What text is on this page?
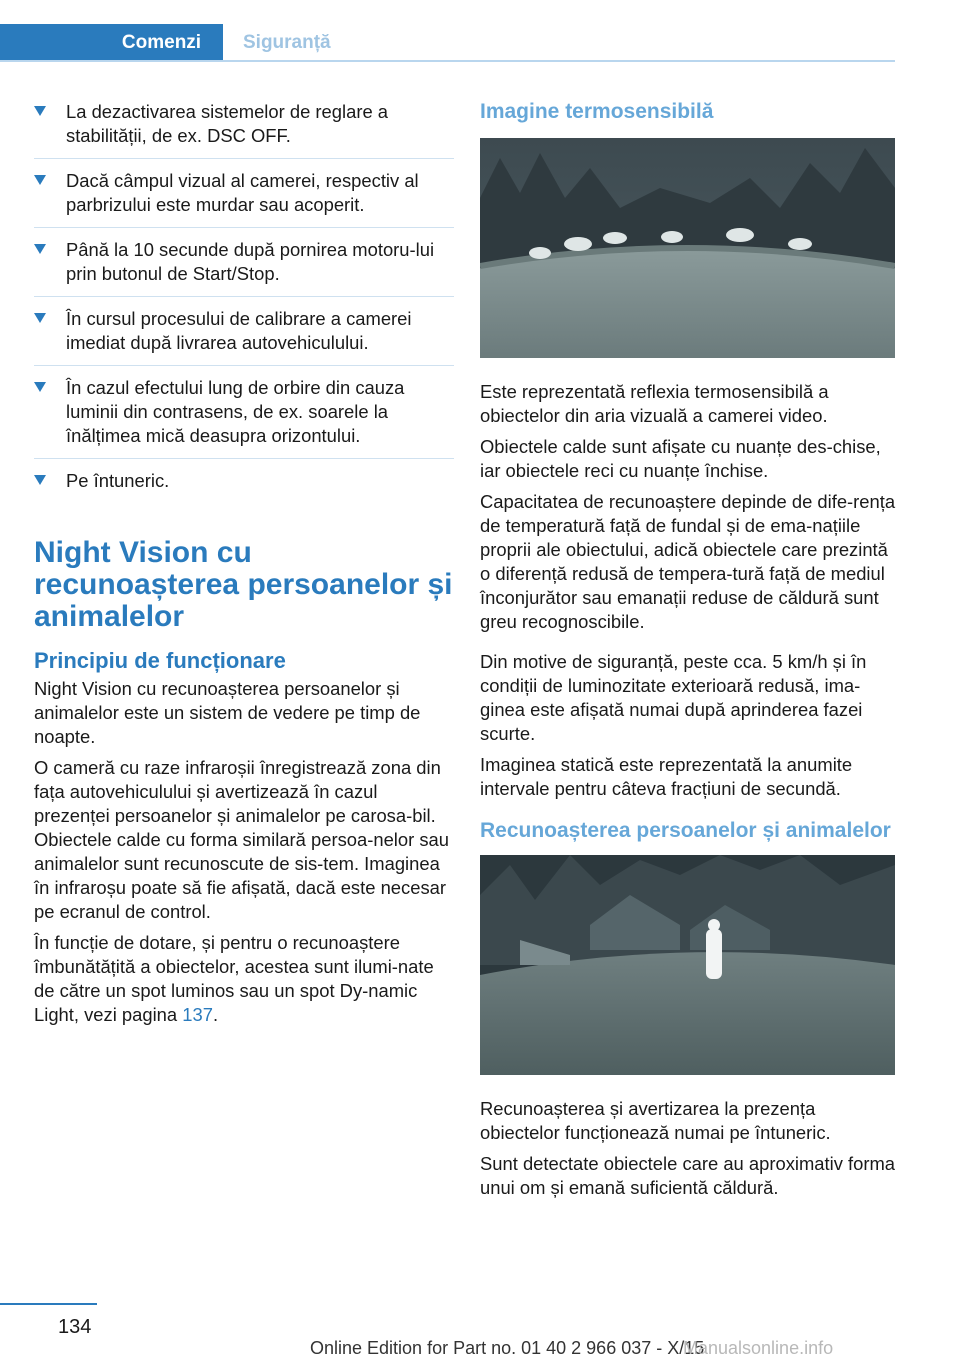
Comenzi	Siguranță
La dezactivarea sistemelor de reglare a stabilității, de ex. DSC OFF.
Dacă câmpul vizual al camerei, respectiv al parbrizului este murdar sau acoperit.
Până la 10 secunde după pornirea motoru‐lui prin butonul de Start/Stop.
În cursul procesului de calibrare a camerei imediat după livrarea autovehiculului.
În cazul efectului lung de orbire din cauza luminii din contrasens, de ex. soarele la înălțimea mică deasupra orizontului.
Pe întuneric.
Night Vision cu recunoașterea persoanelor și animalelor
Principiu de funcționare

Night Vision cu recunoașterea persoanelor și animalelor este un sistem de vedere pe timp de noapte.

O cameră cu raze infraroșii înregistrează zona din fața autovehiculului și avertizează în cazul prezenței persoanelor și animalelor pe carosa‐bil. Obiectele calde cu forma similară persoa‐nelor sau animalelor sunt recunoscute de sis‐tem. Imaginea în infraroșu poate să fie afișată, dacă este necesar pe ecranul de control.

În funcție de dotare, și pentru o recunoaștere îmbunătățită a obiectelor, acestea sunt ilumi‐nate de către un spot luminos sau un spot Dy‐namic Light, vezi pagina 137.

Imagine termosensibilă

Este reprezentată reflexia termosensibilă a obiectelor din aria vizuală a camerei video.

Obiectele calde sunt afișate cu nuanțe des‐chise, iar obiectele reci cu nuanțe închise.

Capacitatea de recunoaștere depinde de dife‐rența de temperatură față de fundal și de ema‐națiile proprii ale obiectului, adică obiectele care prezintă o diferență redusă de tempera‐tură față de mediul înconjurător sau emanații reduse de căldură sunt greu recognoscibile.

Din motive de siguranță, peste cca. 5 km/h și în condiții de luminozitate exterioară redusă, ima‐ginea este afișată numai după aprinderea fazei scurte.

Imaginea statică este reprezentată la anumite intervale pentru câteva fracțiuni de secundă.

Recunoașterea persoanelor și animalelor

Recunoașterea și avertizarea la prezența obiectelor funcționează numai pe întuneric.

Sunt detectate obiectele care au aproximativ forma unui om și emană suficientă căldură.

134
Online Edition for Part no. 01 40 2 966 037 - X/15
Manualsonline.info
